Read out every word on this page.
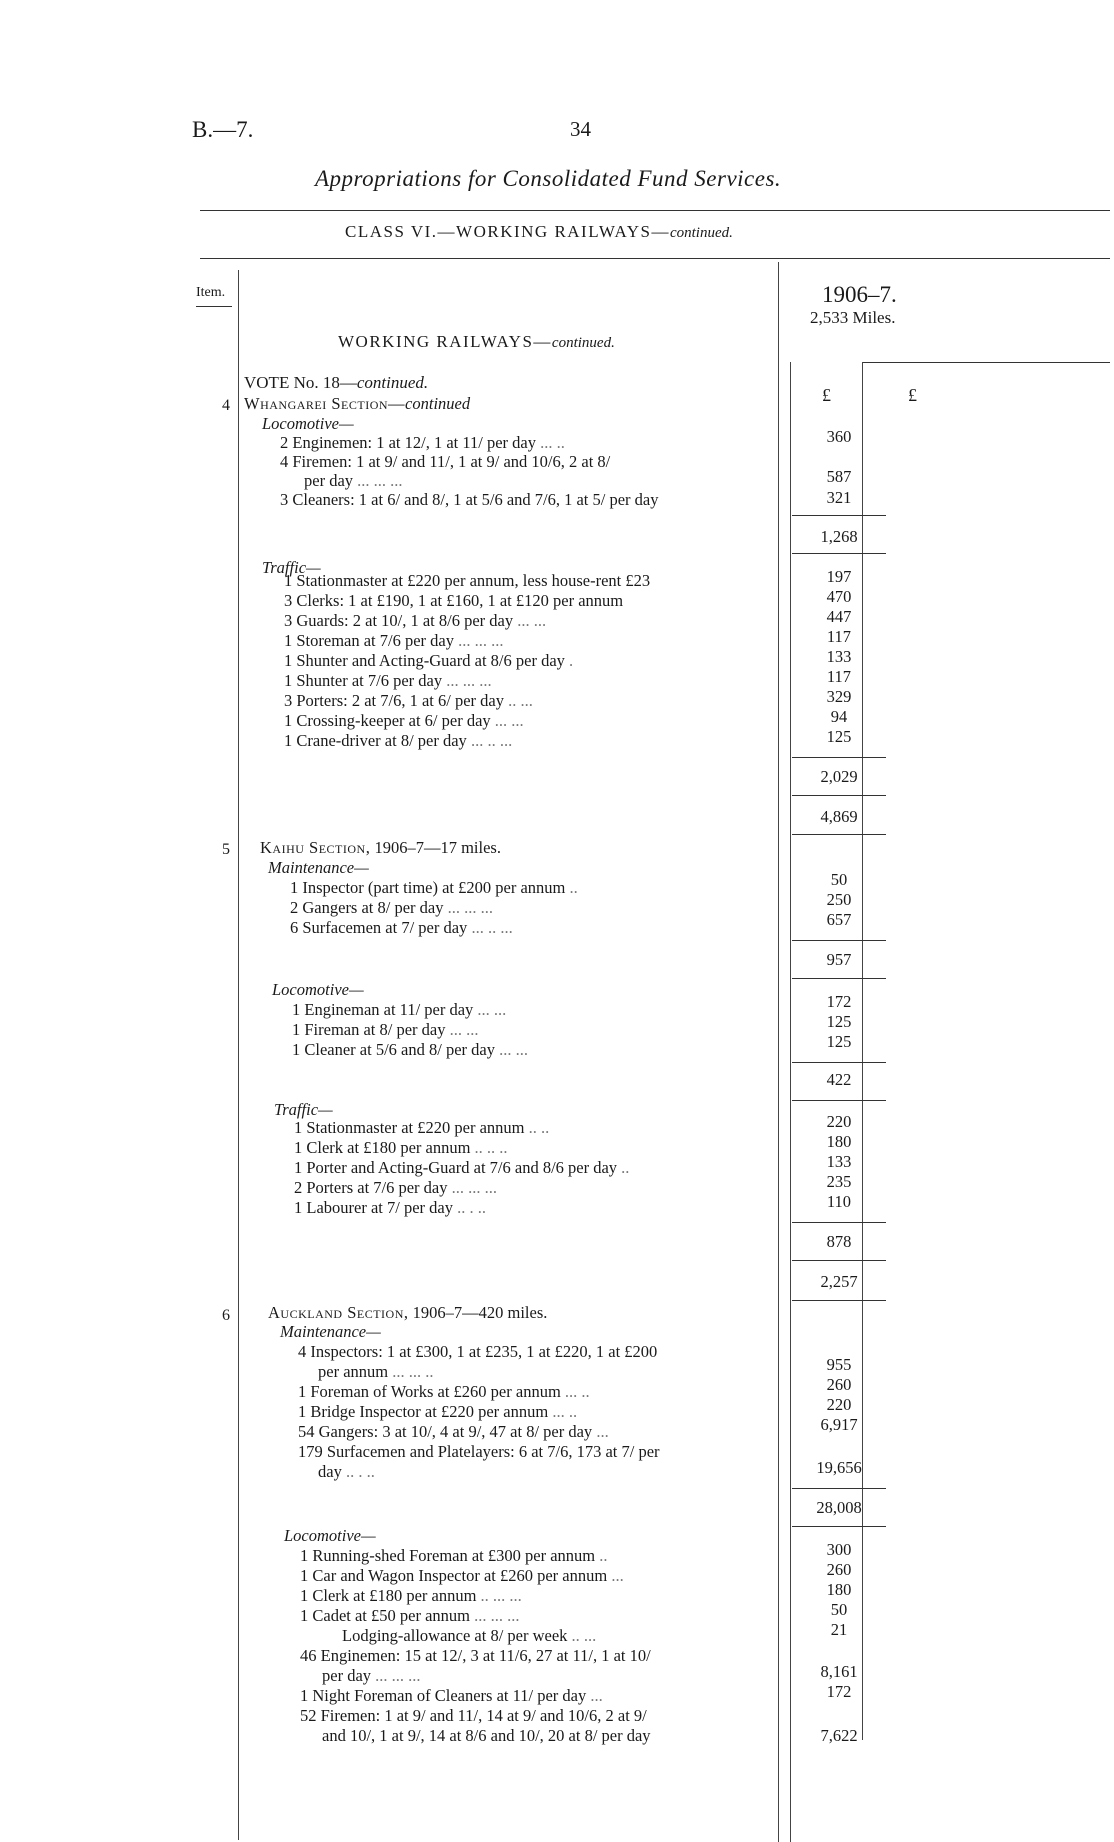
B.—7.	34
Appropriations for Consolidated Fund Services.
CLASS VI.—WORKING RAILWAYS—continued.
Item.	1906–7.
2,533 Miles.
WORKING RAILWAYS—continued.
£	£
VOTE No. 18—continued.
4 Whangarei Section—continued
Locomotive—
2 Enginemen: 1 at 12/, 1 at 11/ per day ... ..	360
4 Firemen: 1 at 9/ and 11/, 1 at 9/ and 10/6, 2 at 8/
per day ... ... ...	587
3 Cleaners: 1 at 6/ and 8/, 1 at 5/6 and 7/6, 1 at 5/ per day	321
1,268
Traffic—
1 Stationmaster at £220 per annum, less house-rent £23	197
3 Clerks: 1 at £190, 1 at £160, 1 at £120 per annum	470
3 Guards: 2 at 10/, 1 at 8/6 per day ... ...	447
1 Storeman at 7/6 per day ... ... ...	117
1 Shunter and Acting-Guard at 8/6 per day .	133
1 Shunter at 7/6 per day ... ... ...	117
3 Porters: 2 at 7/6, 1 at 6/ per day .. ...	329
1 Crossing-keeper at 6/ per day ... ...	94
1 Crane-driver at 8/ per day ... .. ...	125
2,029
4,869
5 Kaihu Section, 1906–7—17 miles.
Maintenance—
1 Inspector (part time) at £200 per annum ..	50
2 Gangers at 8/ per day ... ... ...	250
6 Surfacemen at 7/ per day ... .. ...	657
957
Locomotive—
1 Engineman at 11/ per day ... ...	172
1 Fireman at 8/ per day ... ...	125
1 Cleaner at 5/6 and 8/ per day ... ...	125
422
Traffic—
1 Stationmaster at £220 per annum .. ..	220
1 Clerk at £180 per annum .. .. ..	180
1 Porter and Acting-Guard at 7/6 and 8/6 per day ..	133
2 Porters at 7/6 per day ... ... ...	235
1 Labourer at 7/ per day .. . ..	110
878
2,257
6 Auckland Section, 1906–7—420 miles.
Maintenance—
4 Inspectors: 1 at £300, 1 at £235, 1 at £220, 1 at £200
per annum ... ... ..	955
1 Foreman of Works at £260 per annum ... ..	260
1 Bridge Inspector at £220 per annum ... ..	220
54 Gangers: 3 at 10/, 4 at 9/, 47 at 8/ per day ...	6,917
179 Surfacemen and Platelayers: 6 at 7/6, 173 at 7/ per
day .. . ..	19,656
28,008
Locomotive—
1 Running-shed Foreman at £300 per annum ..	300
1 Car and Wagon Inspector at £260 per annum ...	260
1 Clerk at £180 per annum .. ... ...	180
1 Cadet at £50 per annum ... ... ...	50
Lodging-allowance at 8/ per week .. ...	21
46 Enginemen: 15 at 12/, 3 at 11/6, 27 at 11/, 1 at 10/
per day ... ... ...	8,161
1 Night Foreman of Cleaners at 11/ per day ...	172
52 Firemen: 1 at 9/ and 11/, 14 at 9/ and 10/6, 2 at 9/
and 10/, 1 at 9/, 14 at 8/6 and 10/, 20 at 8/ per day	7,622
